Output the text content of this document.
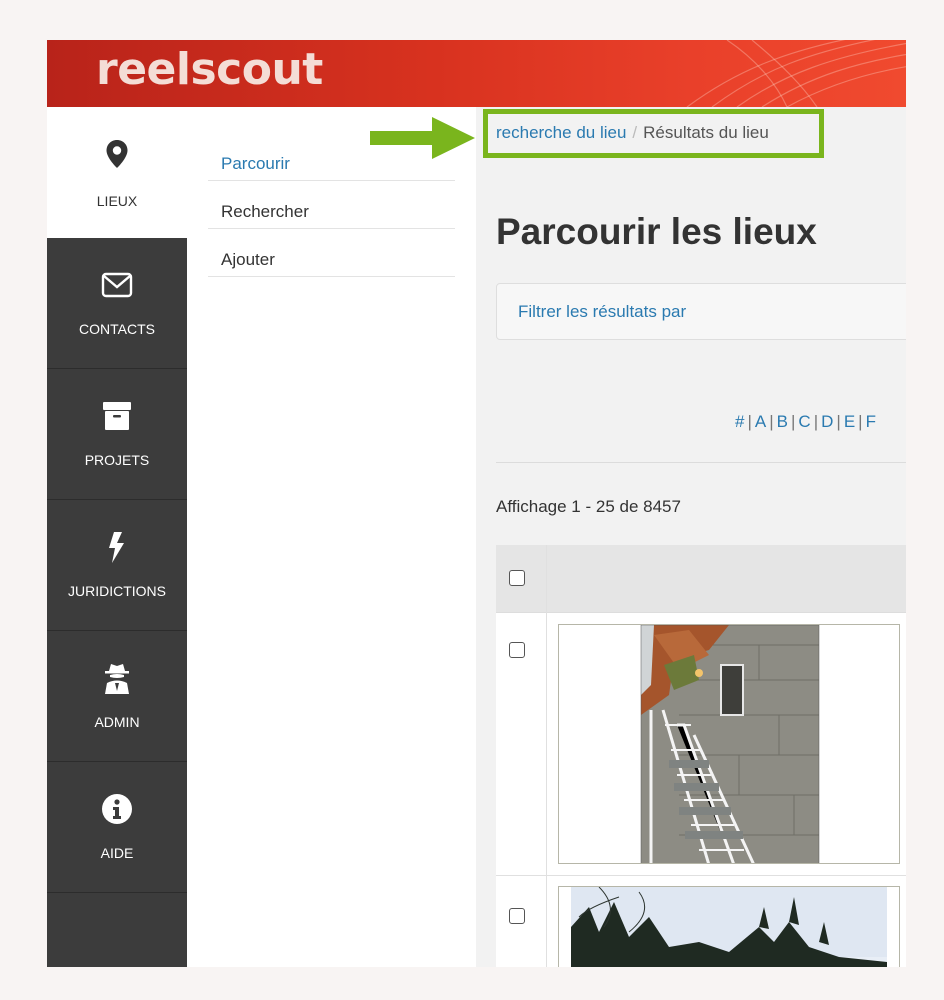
reelscout
LIEUX
CONTACTS
PROJETS
JURIDICTIONS
ADMIN
AIDE
Parcourir
Rechercher
Ajouter
recherche du lieu / Résultats du lieu
Parcourir les lieux
Filtrer les résultats par
# | A | B | C | D | E | F
Affichage 1 - 25 de 8457
